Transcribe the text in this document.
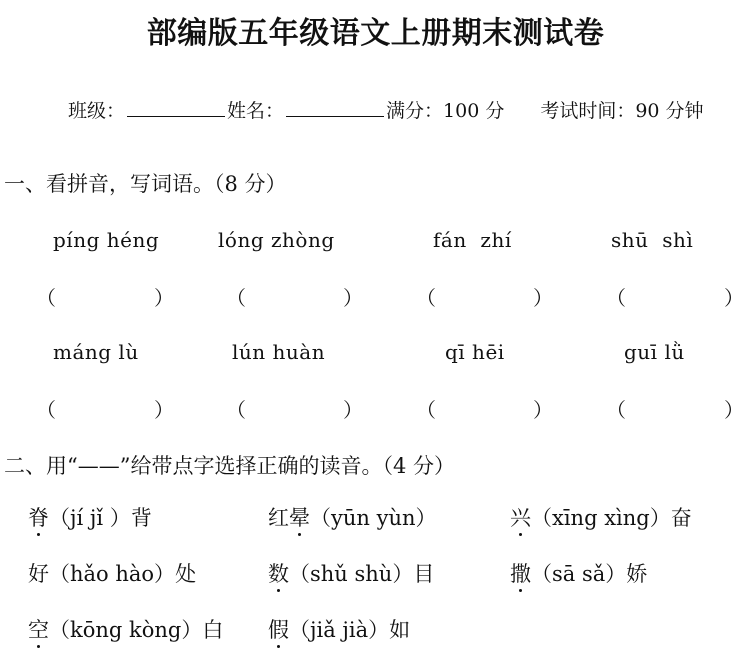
部编版五年级语文上册期末测试卷
班级：	姓名：	满分：100 分 考试时间：90 分钟
一、看拼音，写词语。（8 分）
píng héng	lóng zhòng	fán  zhí	shū  shì
（	）	（	）	（	）	（	）
máng lù	lún huàn	qī hēi	guī lǜ
（	）	（	）	（	）	（	）
二、用“——”给带点字选择正确的读音。（4 分）
脊（jí jǐ ）背	红晕（yūn yùn）	兴（xīng xìng）奋
好（hǎo hào）处	数（shǔ shù）目	撒（sā sǎ）娇
空（kōng kòng）白 假（jiǎ jià）如
